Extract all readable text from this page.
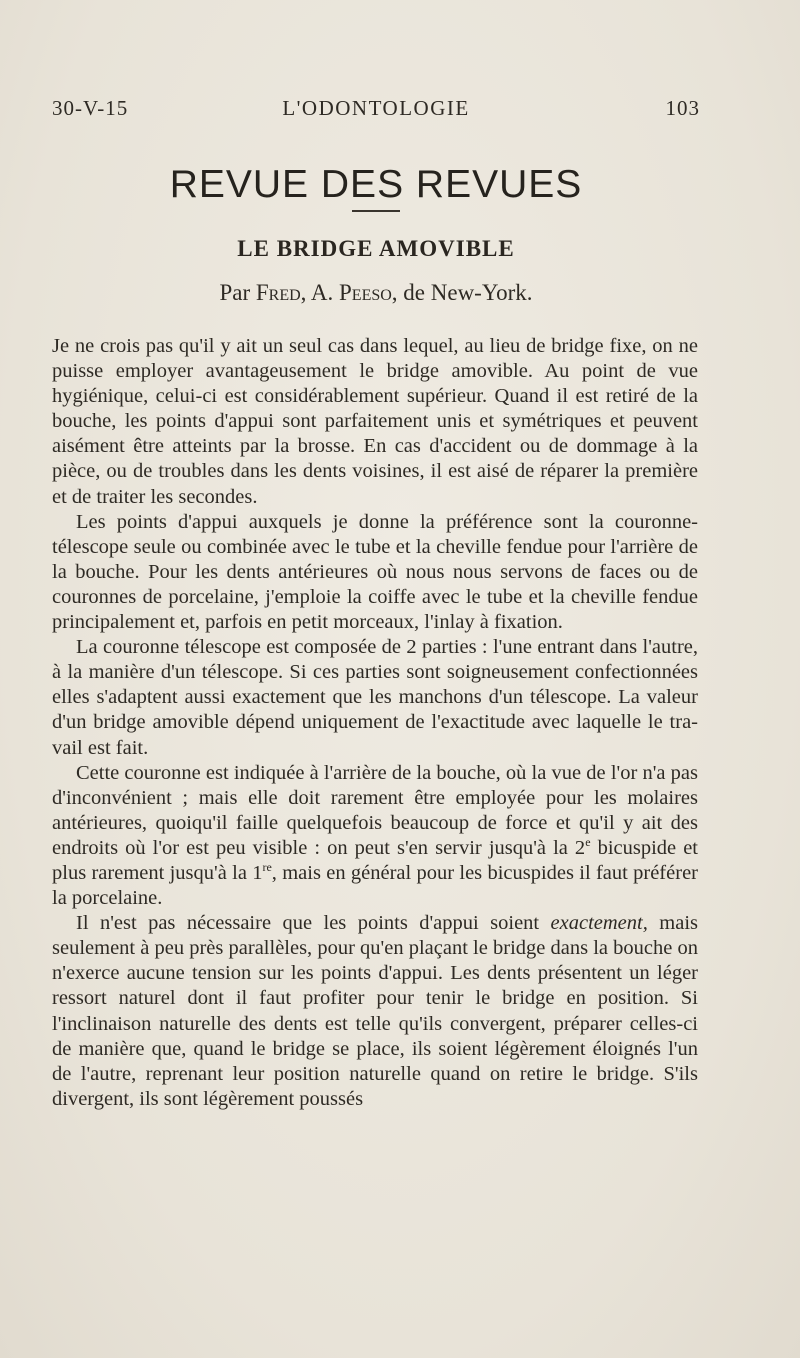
30-V-15	L'ODONTOLOGIE	103
REVUE DES REVUES
LE BRIDGE AMOVIBLE
Par Fred, A. Peeso, de New-York.

Je ne crois pas qu'il y ait un seul cas dans lequel, au lieu de bridge fixe, on ne puisse employer avantageusement le bridge amovible. Au point de vue hygiénique, celui-ci est considérablement supérieur. Quand il est retiré de la bouche, les points d'appui sont parfaitement unis et symétriques et peuvent aisément être atteints par la brosse. En cas d'accident ou de dommage à la pièce, ou de troubles dans les dents voisines, il est aisé de réparer la première et de traiter les secondes.

Les points d'appui auxquels je donne la préférence sont la couronne-télescope seule ou combinée avec le tube et la cheville fendue pour l'arrière de la bouche. Pour les dents antérieures où nous nous servons de faces ou de couronnes de porcelaine, j'emploie la coiffe avec le tube et la cheville fendue principalement et, parfois en petit morceaux, l'inlay à fixation.

La couronne télescope est composée de 2 parties : l'une entrant dans l'autre, à la manière d'un télescope. Si ces parties sont soigneusement confectionnées elles s'adaptent aussi exactement que les manchons d'un télescope. La valeur d'un bridge amovible dépend uniquement de l'exactitude avec laquelle le travail est fait.

Cette couronne est indiquée à l'arrière de la bouche, où la vue de l'or n'a pas d'inconvénient ; mais elle doit rarement être employée pour les molaires antérieures, quoiqu'il faille quelquefois beaucoup de force et qu'il y ait des endroits où l'or est peu visible : on peut s'en servir jusqu'à la 2e bicuspide et plus rarement jusqu'à la 1re, mais en général pour les bicuspides il faut préférer la porcelaine.

Il n'est pas nécessaire que les points d'appui soient exactement, mais seulement à peu près parallèles, pour qu'en plaçant le bridge dans la bouche on n'exerce aucune tension sur les points d'appui. Les dents présentent un léger ressort naturel dont il faut profiter pour tenir le bridge en position. Si l'inclinaison naturelle des dents est telle qu'ils convergent, préparer celles-ci de manière que, quand le bridge se place, ils soient légèrement éloignés l'un de l'autre, reprenant leur position naturelle quand on retire le bridge. S'ils divergent, ils sont légèrement poussés
